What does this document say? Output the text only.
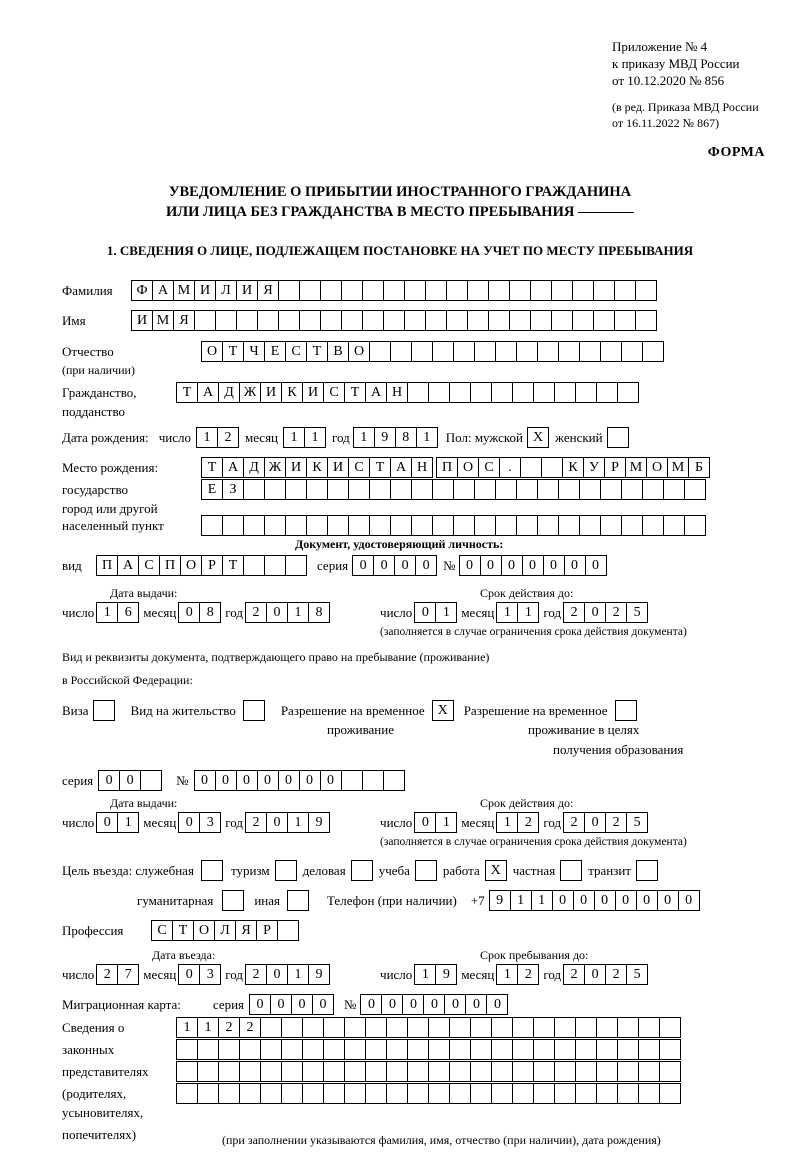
Приложение № 4
к приказу МВД России
от 10.12.2020 № 856
(в ред. Приказа МВД России
от 16.11.2022 № 867)
ФОРМА
УВЕДОМЛЕНИЕ О ПРИБЫТИИ ИНОСТРАННОГО ГРАЖДАНИНА
ИЛИ ЛИЦА БЕЗ ГРАЖДАНСТВА В МЕСТО ПРЕБЫВАНИЯ
1. СВЕДЕНИЯ О ЛИЦЕ, ПОДЛЕЖАЩЕМ ПОСТАНОВКЕ НА УЧЕТ ПО МЕСТУ ПРЕБЫВАНИЯ
Фамилия	Ф А М И Л И Я
Имя	И М Я
Отчество	О Т Ч Е С Т В О
(при наличии)
Гражданство,	Т А Д Ж И К И С Т А Н
подданство
Дата рождения: число 1	2	месяц 1	1	год 1	9	8	1	Пол: мужской X женский
Место рождения:	Т А Д Ж И К И С Т А Н	П О С	.	К У Р М О М Б
государство	Е З
город или другой
населенный пункт
Документ, удостоверяющий личность:
вид	П А С П О Р Т	серия 0	0	0	0	№ 0	0	0	0	0	0	0
Дата выдачи:	Срок действия до:
число 1	6 месяц 0	8 год 2	0	1	8	число 0	1 месяц 1	1 год 2	0	2	5
(заполняется в случае ограничения срока действия документа)
Вид и реквизиты документа, подтверждающего право на пребывание (проживание)
в Российской Федерации:
Виза	Вид на жительство	Разрешение на временное X	Разрешение на временное
проживание	проживание в целях
получения образования
серия 0	0	№ 0	0	0	0	0	0	0
Дата выдачи:	Срок действия до:
число 0	1 месяц 0	3 год 2	0	1	9	число 0	1 месяц 1	2 год 2	0	2	5
(заполняется в случае ограничения срока действия документа)
Цель въезда: служебная	туризм	деловая	учеба	работа X частная	транзит
гуманитарная	иная	Телефон (при наличии) +7 9	1	1	0	0	0	0	0	0	0
Профессия	С Т О Л Я Р
Дата въезда:	Срок пребывания до:
число 2	7 месяц 0	3 год 2	0	1	9	число 1	9 месяц 1	2 год 2	0	2	5
Миграционная карта: серия 0	0	0	0	№ 0	0	0	0	0	0	0
Сведения о	1	1	2	2
законных
представителях
(родителях,
усыновителях,
попечителях)	(при заполнении указываются фамилия, имя, отчество (при наличии), дата рождения)
